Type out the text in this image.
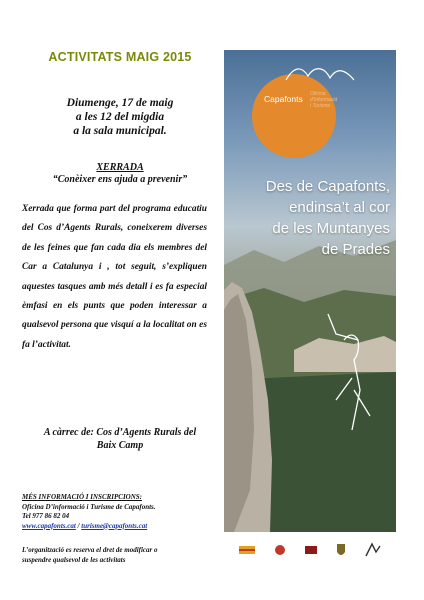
ACTIVITATS MAIG 2015
Diumenge, 17 de maig
a les 12 del migdia
a la sala municipal.
XERRADA
“Conèixer ens ajuda a prevenir”
Xerrada que forma part del programa educatiu del Cos d’Agents Rurals, coneixerem diverses de les feines que fan cada dia els membres del Car a Catalunya i , tot seguit, s’expliquen aquestes tasques amb més detall i es fa especial èmfasi en els punts que poden interessar a qualsevol persona que visquí a la localitat on es fa l’activitat.
A càrrec de: Cos d’Agents Rurals del
Baix Camp
MÉS INFORMACIÓ I INSCRIPCIONS:
Oficina D’informació i Turisme de Capafonts.
Tel 977 86 82 04
www.capafonts.cat / turisme@capafonts.cat
L’organització es reserva el dret de modificar o
suspendre qualsevol de les activitats
Capafonts Oficina
d’Informació
i Turisme
Des de Capafonts,
endinsa’t al cor
de les Muntanyes
de Prades
